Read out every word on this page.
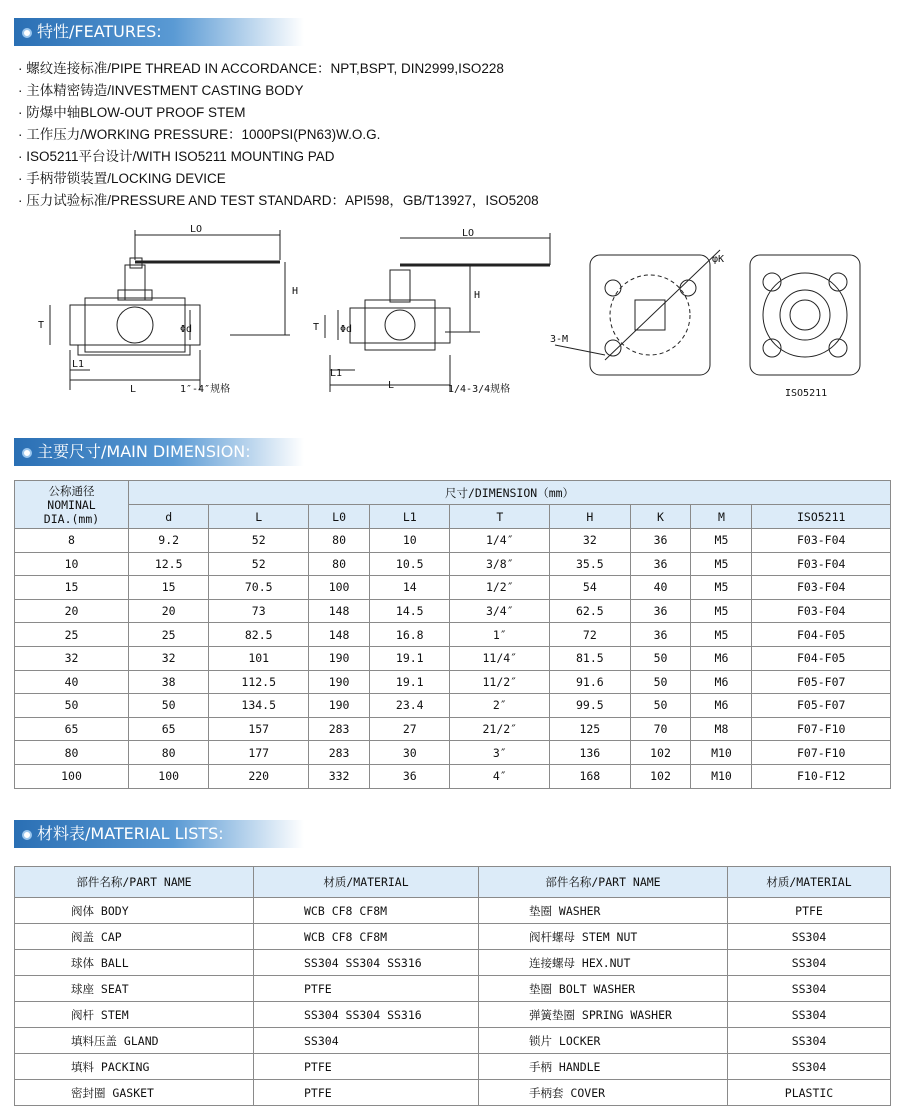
特性/FEATURES:
· 螺纹连接标准/PIPE THREAD IN ACCORDANCE：NPT,BSPT, DIN2999,ISO228
· 主体精密铸造/INVESTMENT CASTING BODY
· 防爆中轴BLOW-OUT PROOF STEM
· 工作压力/WORKING PRESSURE：1000PSI(PN63)W.O.G.
· ISO5211平台设计/WITH ISO5211 MOUNTING PAD
· 手柄带锁装置/LOCKING DEVICE
· 压力试验标准/PRESSURE AND TEST STANDARD：API598，GB/T13927，ISO5208
LO
H
Φd
T
L1
L	1″-4″规格
LO
H
Φd
T
L1
L	1/4-3/4规格
φK
3-M
ISO5211
主要尺寸/MAIN DIMENSION:
公称通径
NOMINAL
DIA.(mm)	尺寸/DIMENSION（mm）								
	d	L	L0	L1	T	H	K	M	ISO5211
8	9.2	52	80	10	1/4″	32	36	M5	F03-F04
10	12.5	52	80	10.5	3/8″	35.5	36	M5	F03-F04
15	15	70.5	100	14	1/2″	54	40	M5	F03-F04
20	20	73	148	14.5	3/4″	62.5	36	M5	F03-F04
25	25	82.5	148	16.8	1″	72	36	M5	F04-F05
32	32	101	190	19.1	11/4″	81.5	50	M6	F04-F05
40	38	112.5	190	19.1	11/2″	91.6	50	M6	F05-F07
50	50	134.5	190	23.4	2″	99.5	50	M6	F05-F07
65	65	157	283	27	21/2″	125	70	M8	F07-F10
80	80	177	283	30	3″	136	102	M10	F07-F10
100	100	220	332	36	4″	168	102	M10	F10-F12
材料表/MATERIAL LISTS:
部件名称/PART NAME	材质/MATERIAL	部件名称/PART NAME	材质/MATERIAL
阀体 BODY	WCB CF8 CF8M	垫圈 WASHER	PTFE
阀盖 CAP	WCB CF8 CF8M	阀杆螺母 STEM NUT	SS304
球体 BALL	SS304 SS304 SS316	连接螺母 HEX.NUT	SS304
球座 SEAT	PTFE	垫圈 BOLT WASHER	SS304
阀杆 STEM	SS304 SS304 SS316	弹簧垫圈 SPRING WASHER	SS304
填料压盖 GLAND	SS304	锁片 LOCKER	SS304
填料 PACKING	PTFE	手柄 HANDLE	SS304
密封圈 GASKET	PTFE	手柄套 COVER	PLASTIC
